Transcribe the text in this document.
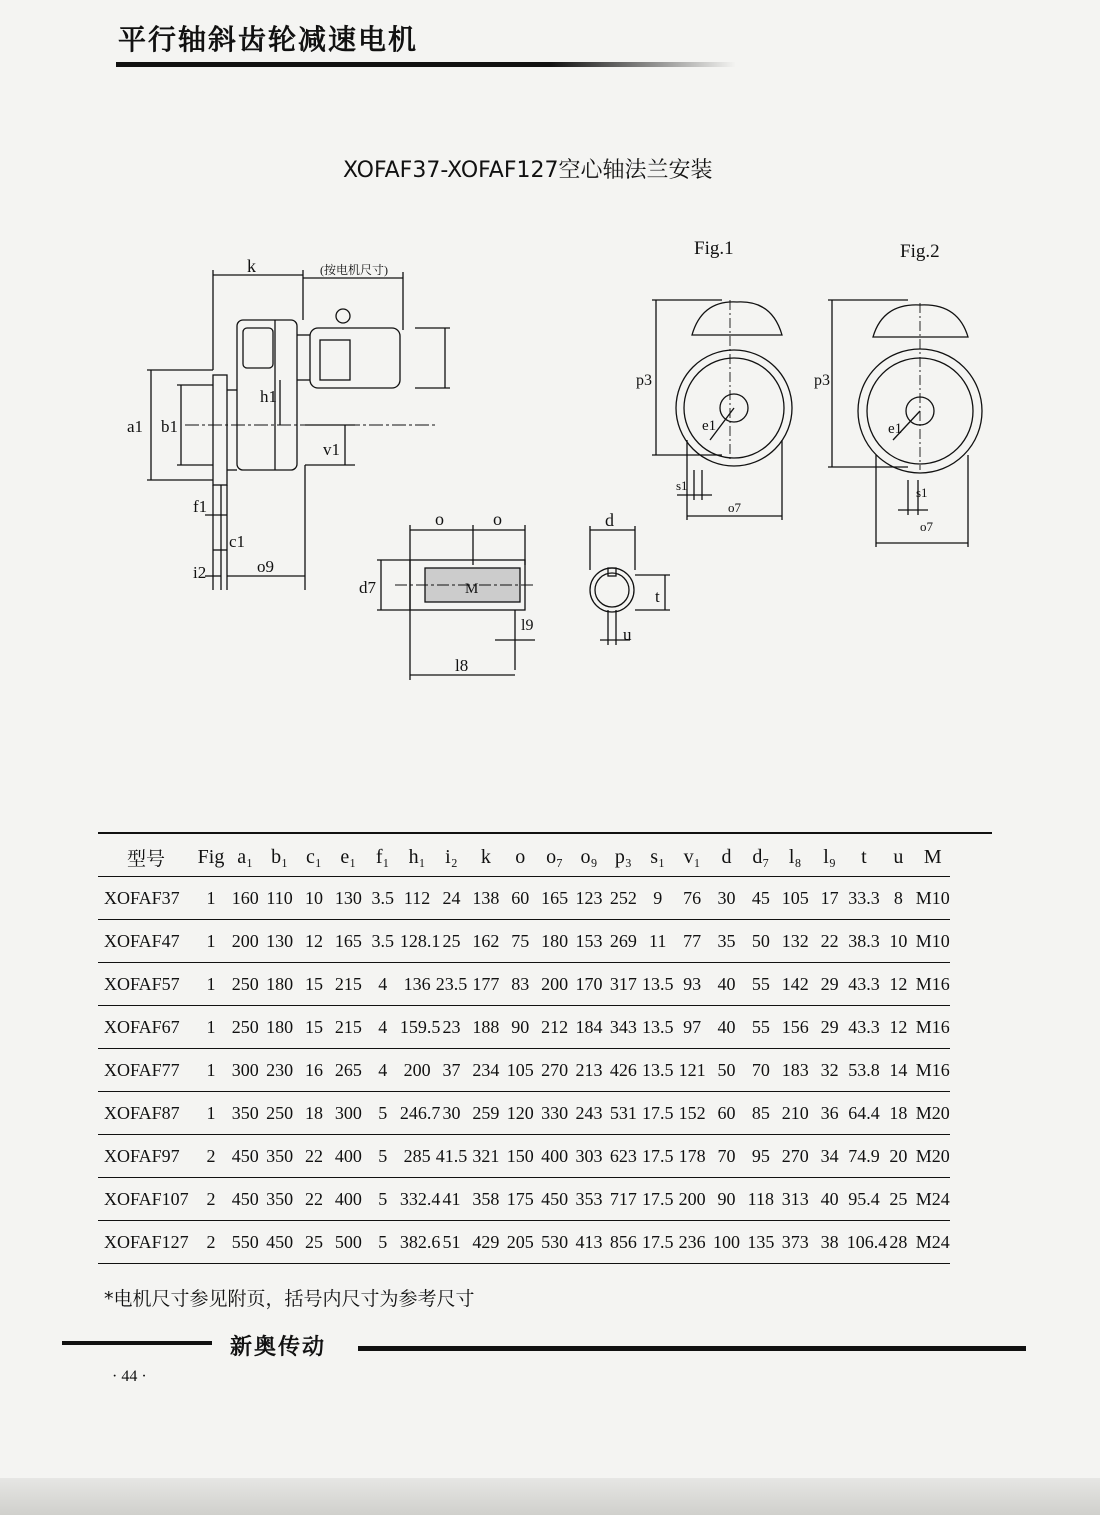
平行轴斜齿轮减速电机
XOFAF37-XOFAF127空心轴法兰安装
k	(按电机尺寸)
a1 b1
h1
v1
f1
c1
i2	o9
o	o
d7	M
l9
l8
d
t
u
Fig.1	Fig.2
p3
e1
s1
o7
p3
e1
s1
o7
型号	Fig	a₁	b₁	c₁	e₁	f₁	h₁	i₂	k	o	o₇	o₉	p₃	s₁	v₁	d	d₇	l₈	l₉	t	u	M
XOFAF37	1	160	110	10	130	3.5	112	24	138	60	165	123	252	9	76	30	45	105	17	33.3	8	M10
XOFAF47	1	200	130	12	165	3.5	128.1	25	162	75	180	153	269	11	77	35	50	132	22	38.3	10	M10
XOFAF57	1	250	180	15	215	4	136	23.5	177	83	200	170	317	13.5	93	40	55	142	29	43.3	12	M16
XOFAF67	1	250	180	15	215	4	159.5	23	188	90	212	184	343	13.5	97	40	55	156	29	43.3	12	M16
XOFAF77	1	300	230	16	265	4	200	37	234	105	270	213	426	13.5	121	50	70	183	32	53.8	14	M16
XOFAF87	1	350	250	18	300	5	246.7	30	259	120	330	243	531	17.5	152	60	85	210	36	64.4	18	M20
XOFAF97	2	450	350	22	400	5	285	41.5	321	150	400	303	623	17.5	178	70	95	270	34	74.9	20	M20
XOFAF107	2	450	350	22	400	5	332.4	41	358	175	450	353	717	17.5	200	90	118	313	40	95.4	25	M24
XOFAF127	2	550	450	25	500	5	382.6	51	429	205	530	413	856	17.5	236	100	135	373	38	106.4	28	M24
*电机尺寸参见附页，括号内尺寸为参考尺寸
新奥传动
· 44 ·
